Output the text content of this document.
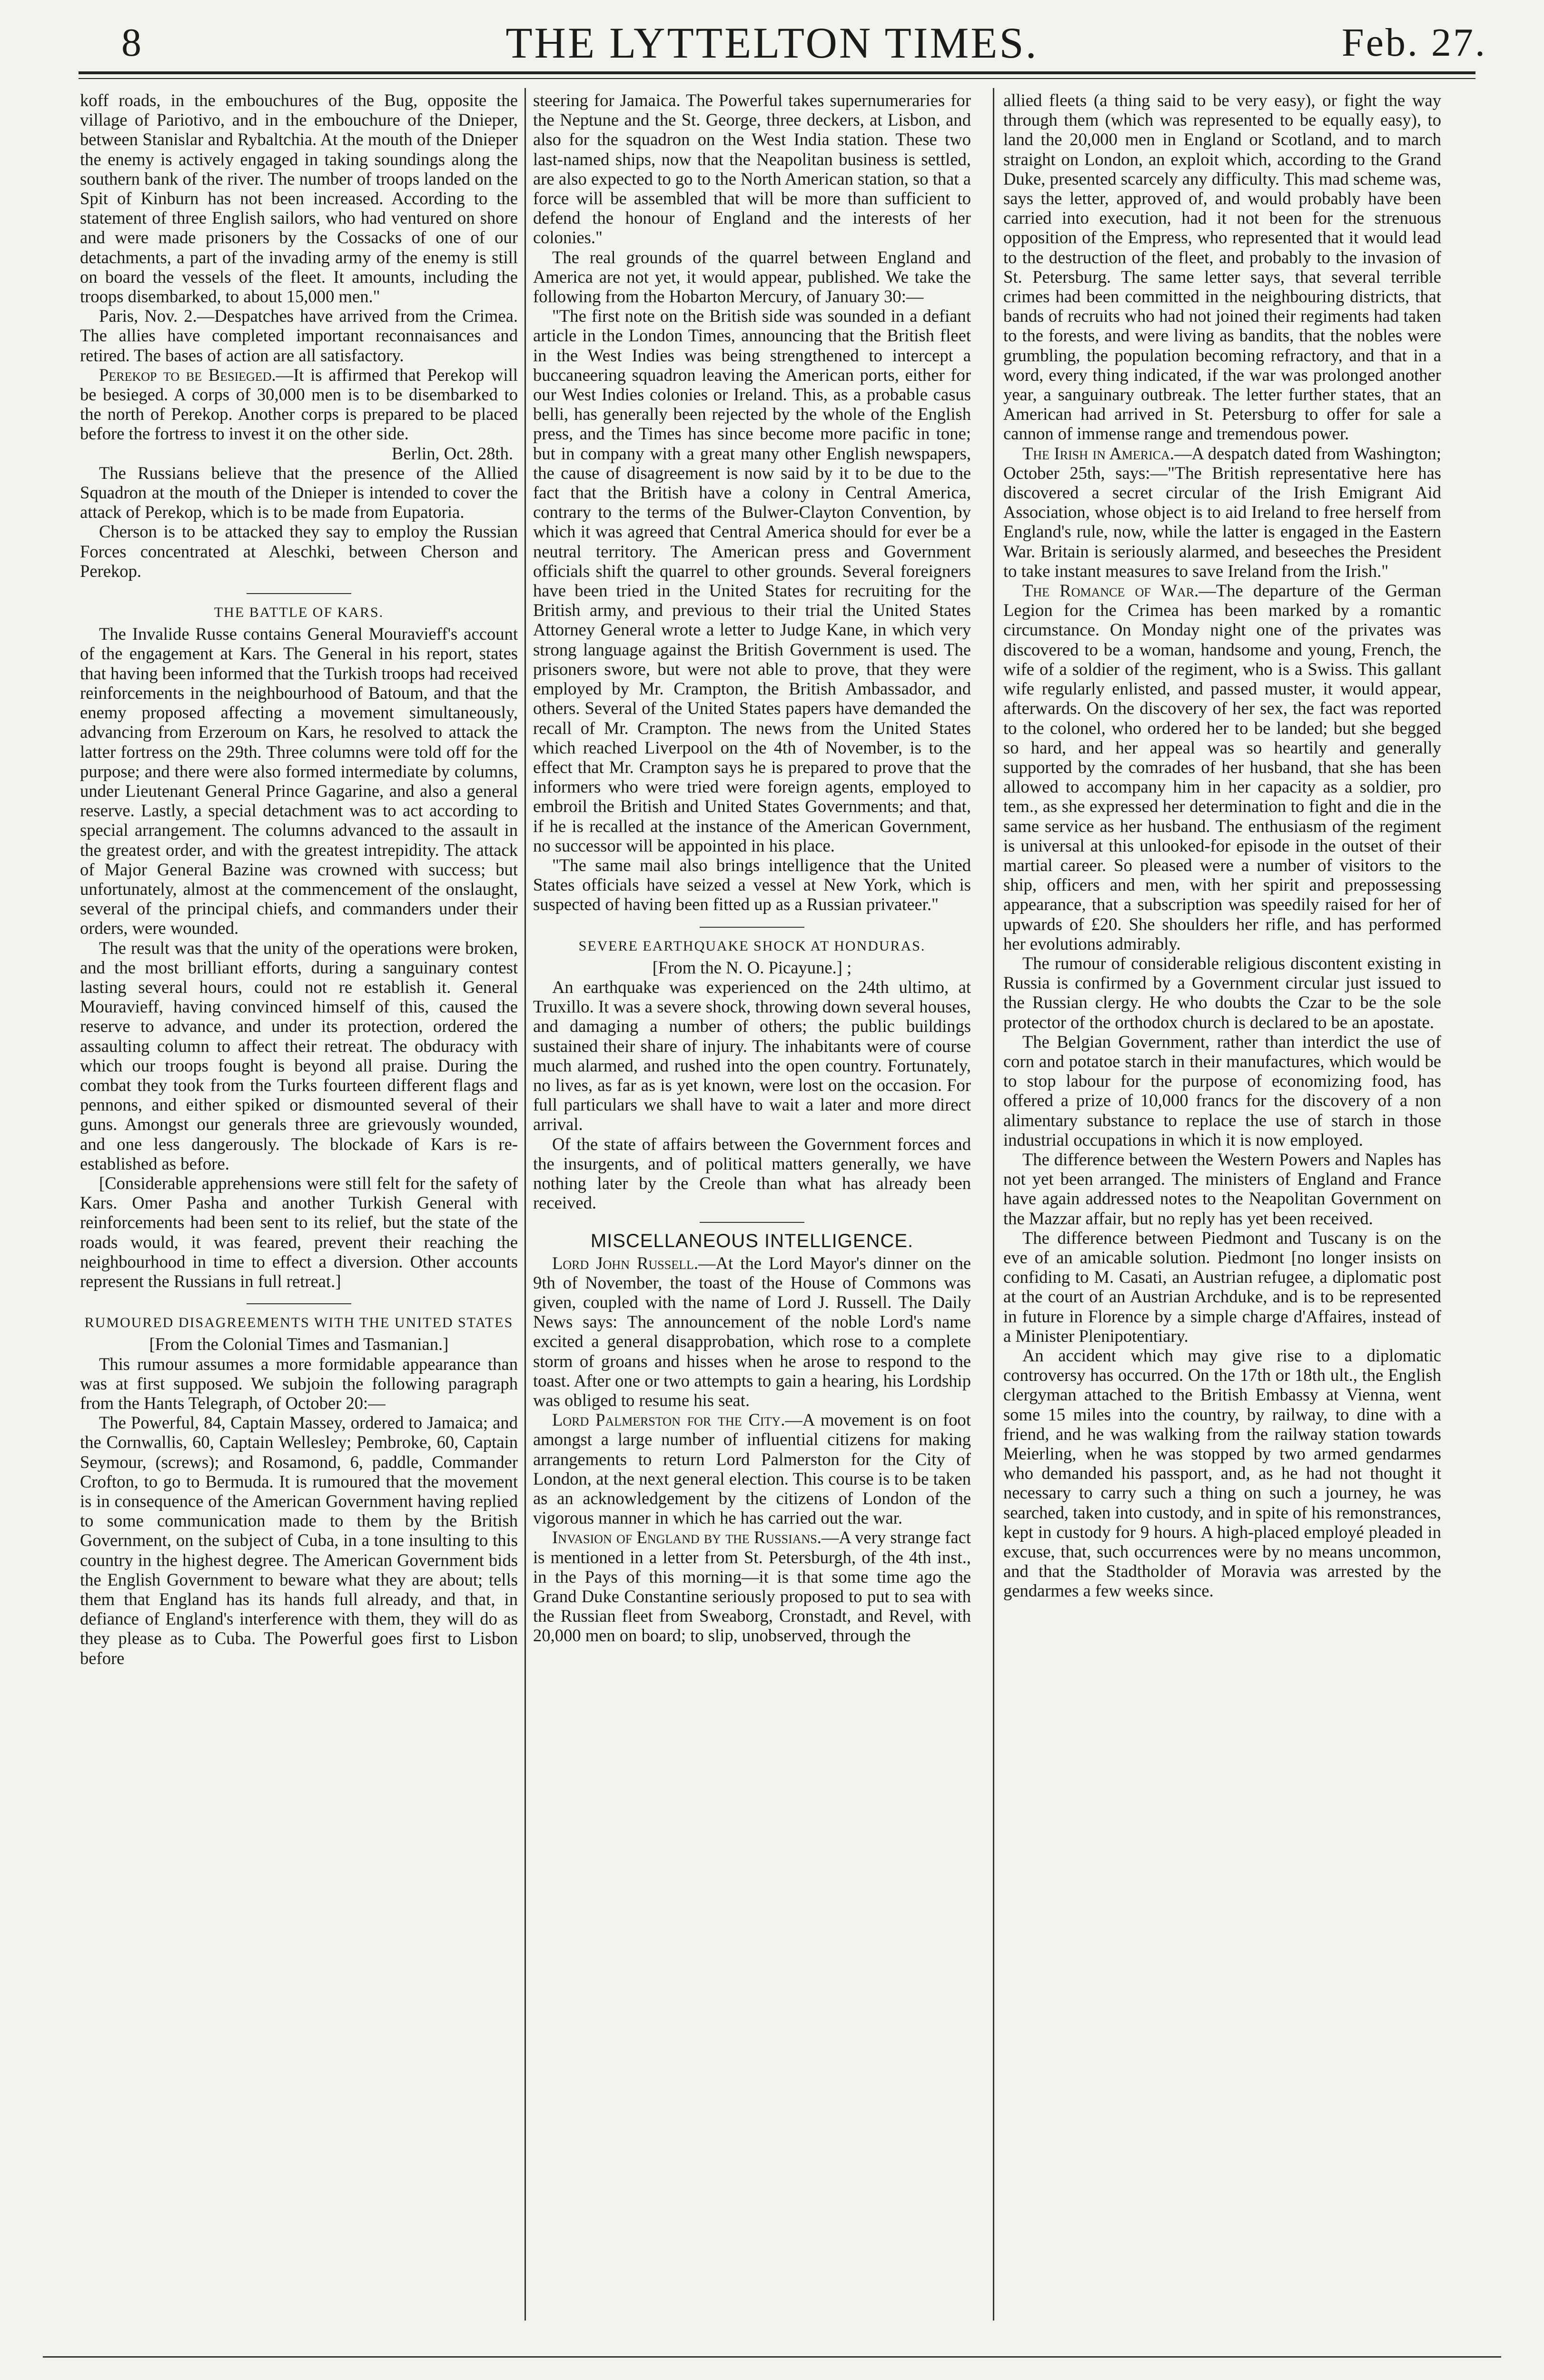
8	THE LYTTELTON TIMES.	Feb. 27.

koff roads, in the embouchures of the Bug, opposite the village of Pariotivo, and in the embouchure of the Dnieper, between Stanislar and Rybaltchia. At the mouth of the Dnieper the enemy is actively engaged in taking soundings along the southern bank of the river. The number of troops landed on the Spit of Kinburn has not been increased. According to the statement of three English sailors, who had ventured on shore and were made prisoners by the Cossacks of one of our detachments, a part of the invading army of the enemy is still on board the vessels of the fleet. It amounts, including the troops disembarked, to about 15,000 men."

Paris, Nov. 2.—Despatches have arrived from the Crimea. The allies have completed important reconnaisances and retired. The bases of action are all satisfactory.

Perekop to be Besieged.—It is affirmed that Perekop will be besieged. A corps of 30,000 men is to be disembarked to the north of Perekop. Another corps is prepared to be placed before the fortress to invest it on the other side.

Berlin, Oct. 28th.

The Russians believe that the presence of the Allied Squadron at the mouth of the Dnieper is intended to cover the attack of Perekop, which is to be made from Eupatoria.

Cherson is to be attacked they say to employ the Russian Forces concentrated at Aleschki, between Cherson and Perekop.

THE BATTLE OF KARS.

The Invalide Russe contains General Mouravieff's account of the engagement at Kars. The General in his report, states that having been informed that the Turkish troops had received reinforcements in the neighbourhood of Batoum, and that the enemy proposed affecting a movement simultaneously, advancing from Erzeroum on Kars, he resolved to attack the latter fortress on the 29th. Three columns were told off for the purpose; and there were also formed intermediate by columns, under Lieutenant General Prince Gagarine, and also a general reserve. Lastly, a special detachment was to act according to special arrangement. The columns advanced to the assault in the greatest order, and with the greatest intrepidity. The attack of Major General Bazine was crowned with success; but unfortunately, almost at the commencement of the onslaught, several of the principal chiefs, and commanders under their orders, were wounded.

The result was that the unity of the operations were broken, and the most brilliant efforts, during a sanguinary contest lasting several hours, could not re establish it. General Mouravieff, having convinced himself of this, caused the reserve to advance, and under its protection, ordered the assaulting column to affect their retreat. The obduracy with which our troops fought is beyond all praise. During the combat they took from the Turks fourteen different flags and pennons, and either spiked or dismounted several of their guns. Amongst our generals three are grievously wounded, and one less dangerously. The blockade of Kars is re-established as before.

[Considerable apprehensions were still felt for the safety of Kars. Omer Pasha and another Turkish General with reinforcements had been sent to its relief, but the state of the roads would, it was feared, prevent their reaching the neighbourhood in time to effect a diversion. Other accounts represent the Russians in full retreat.]

RUMOURED DISAGREEMENTS WITH THE UNITED STATES

[From the Colonial Times and Tasmanian.]

This rumour assumes a more formidable appearance than was at first supposed. We subjoin the following paragraph from the Hants Telegraph, of October 20:—

The Powerful, 84, Captain Massey, ordered to Jamaica; and the Cornwallis, 60, Captain Wellesley; Pembroke, 60, Captain Seymour, (screws); and Rosamond, 6, paddle, Commander Crofton, to go to Bermuda. It is rumoured that the movement is in consequence of the American Government having replied to some communication made to them by the British Government, on the subject of Cuba, in a tone insulting to this country in the highest degree. The American Government bids the English Government to beware what they are about; tells them that England has its hands full already, and that, in defiance of England's interference with them, they will do as they please as to Cuba. The Powerful goes first to Lisbon before

steering for Jamaica. The Powerful takes supernumeraries for the Neptune and the St. George, three deckers, at Lisbon, and also for the squadron on the West India station. These two last-named ships, now that the Neapolitan business is settled, are also expected to go to the North American station, so that a force will be assembled that will be more than sufficient to defend the honour of England and the interests of her colonies."

The real grounds of the quarrel between England and America are not yet, it would appear, published. We take the following from the Hobarton Mercury, of January 30:—

"The first note on the British side was sounded in a defiant article in the London Times, announcing that the British fleet in the West Indies was being strengthened to intercept a buccaneering squadron leaving the American ports, either for our West Indies colonies or Ireland. This, as a probable casus belli, has generally been rejected by the whole of the English press, and the Times has since become more pacific in tone; but in company with a great many other English newspapers, the cause of disagreement is now said by it to be due to the fact that the British have a colony in Central America, contrary to the terms of the Bulwer-Clayton Convention, by which it was agreed that Central America should for ever be a neutral territory. The American press and Government officials shift the quarrel to other grounds. Several foreigners have been tried in the United States for recruiting for the British army, and previous to their trial the United States Attorney General wrote a letter to Judge Kane, in which very strong language against the British Government is used. The prisoners swore, but were not able to prove, that they were employed by Mr. Crampton, the British Ambassador, and others. Several of the United States papers have demanded the recall of Mr. Crampton. The news from the United States which reached Liverpool on the 4th of November, is to the effect that Mr. Crampton says he is prepared to prove that the informers who were tried were foreign agents, employed to embroil the British and United States Governments; and that, if he is recalled at the instance of the American Government, no successor will be appointed in his place.

"The same mail also brings intelligence that the United States officials have seized a vessel at New York, which is suspected of having been fitted up as a Russian privateer."

SEVERE EARTHQUAKE SHOCK AT HONDURAS.

[From the N. O. Picayune.] ;

An earthquake was experienced on the 24th ultimo, at Truxillo. It was a severe shock, throwing down several houses, and damaging a number of others; the public buildings sustained their share of injury. The inhabitants were of course much alarmed, and rushed into the open country. Fortunately, no lives, as far as is yet known, were lost on the occasion. For full particulars we shall have to wait a later and more direct arrival.

Of the state of affairs between the Government forces and the insurgents, and of political matters generally, we have nothing later by the Creole than what has already been received.

MISCELLANEOUS INTELLIGENCE.

Lord John Russell.—At the Lord Mayor's dinner on the 9th of November, the toast of the House of Commons was given, coupled with the name of Lord J. Russell. The Daily News says: The announcement of the noble Lord's name excited a general disapprobation, which rose to a complete storm of groans and hisses when he arose to respond to the toast. After one or two attempts to gain a hearing, his Lordship was obliged to resume his seat.

Lord Palmerston for the City.—A movement is on foot amongst a large number of influential citizens for making arrangements to return Lord Palmerston for the City of London, at the next general election. This course is to be taken as an acknowledgement by the citizens of London of the vigorous manner in which he has carried out the war.

Invasion of England by the Russians.—A very strange fact is mentioned in a letter from St. Petersburgh, of the 4th inst., in the Pays of this morning—it is that some time ago the Grand Duke Constantine seriously proposed to put to sea with the Russian fleet from Sweaborg, Cronstadt, and Revel, with 20,000 men on board; to slip, unobserved, through the

allied fleets (a thing said to be very easy), or fight the way through them (which was represented to be equally easy), to land the 20,000 men in England or Scotland, and to march straight on London, an exploit which, according to the Grand Duke, presented scarcely any difficulty. This mad scheme was, says the letter, approved of, and would probably have been carried into execution, had it not been for the strenuous opposition of the Empress, who represented that it would lead to the destruction of the fleet, and probably to the invasion of St. Petersburg. The same letter says, that several terrible crimes had been committed in the neighbouring districts, that bands of recruits who had not joined their regiments had taken to the forests, and were living as bandits, that the nobles were grumbling, the population becoming refractory, and that in a word, every thing indicated, if the war was prolonged another year, a sanguinary outbreak. The letter further states, that an American had arrived in St. Petersburg to offer for sale a cannon of immense range and tremendous power.

The Irish in America.—A despatch dated from Washington; October 25th, says:—"The British representative here has discovered a secret circular of the Irish Emigrant Aid Association, whose object is to aid Ireland to free herself from England's rule, now, while the latter is engaged in the Eastern War. Britain is seriously alarmed, and beseeches the President to take instant measures to save Ireland from the Irish."

The Romance of War.—The departure of the German Legion for the Crimea has been marked by a romantic circumstance. On Monday night one of the privates was discovered to be a woman, handsome and young, French, the wife of a soldier of the regiment, who is a Swiss. This gallant wife regularly enlisted, and passed muster, it would appear, afterwards. On the discovery of her sex, the fact was reported to the colonel, who ordered her to be landed; but she begged so hard, and her appeal was so heartily and generally supported by the comrades of her husband, that she has been allowed to accompany him in her capacity as a soldier, pro tem., as she expressed her determination to fight and die in the same service as her husband. The enthusiasm of the regiment is universal at this unlooked-for episode in the outset of their martial career. So pleased were a number of visitors to the ship, officers and men, with her spirit and prepossessing appearance, that a subscription was speedily raised for her of upwards of £20. She shoulders her rifle, and has performed her evolutions admirably.

The rumour of considerable religious discontent existing in Russia is confirmed by a Government circular just issued to the Russian clergy. He who doubts the Czar to be the sole protector of the orthodox church is declared to be an apostate.

The Belgian Government, rather than interdict the use of corn and potatoe starch in their manufactures, which would be to stop labour for the purpose of economizing food, has offered a prize of 10,000 francs for the discovery of a non alimentary substance to replace the use of starch in those industrial occupations in which it is now employed.

The difference between the Western Powers and Naples has not yet been arranged. The ministers of England and France have again addressed notes to the Neapolitan Government on the Mazzar affair, but no reply has yet been received.

The difference between Piedmont and Tuscany is on the eve of an amicable solution. Piedmont [no longer insists on confiding to M. Casati, an Austrian refugee, a diplomatic post at the court of an Austrian Archduke, and is to be represented in future in Florence by a simple charge d'Affaires, instead of a Minister Plenipotentiary.

An accident which may give rise to a diplomatic controversy has occurred. On the 17th or 18th ult., the English clergyman attached to the British Embassy at Vienna, went some 15 miles into the country, by railway, to dine with a friend, and he was walking from the railway station towards Meierling, when he was stopped by two armed gendarmes who demanded his passport, and, as he had not thought it necessary to carry such a thing on such a journey, he was searched, taken into custody, and in spite of his remonstrances, kept in custody for 9 hours. A high-placed employé pleaded in excuse, that, such occurrences were by no means uncommon, and that the Stadtholder of Moravia was arrested by the gendarmes a few weeks since.
